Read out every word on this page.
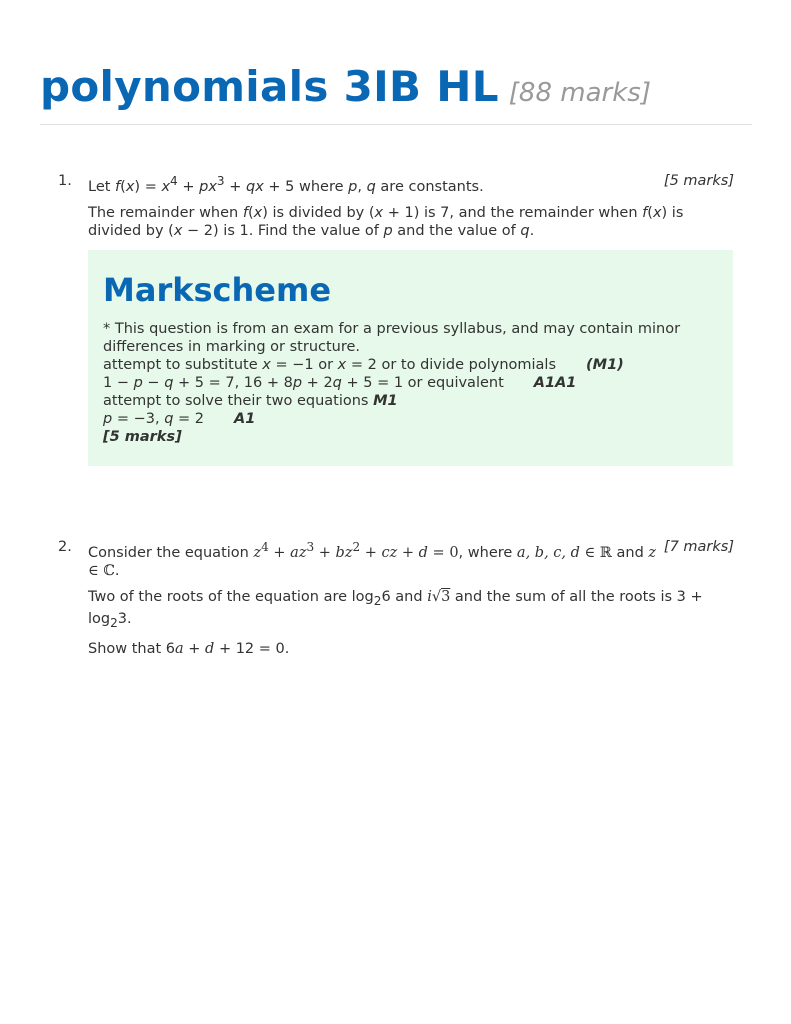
polynomials 3IB HL [88 marks]
1. Let $f(x) = x^4 + px^3$ + qx + 5 where p, q are constants.	[5 marks]

The remainder when f(x) is divided by (x + 1) is 7, and the remainder when f(x) is divided by (x − 2) is 1. Find the value of p and the value of q.

Markscheme

* This question is from an exam for a previous syllabus, and may contain minor differences in marking or structure.

attempt to substitute x = −1 or x = 2 or to divide polynomials (M1)

1 − p − q + 5 = 7, 16 + 8p + 2q + 5 = 1 or equivalent A1A1

attempt to solve their two equations M1

p = −3, q = 2 A1

[5 marks]

2. Consider the equation $z^4 + az^3 + bz^2$ + cz + d = 0, where a, b, c, d ∈ ℝ and z ∈ ℂ.
[7 marks]

Two of the roots of the equation are $\log_26$ and i√3 and the sum of all the roots is $3 + \log_23$.

Show that 6a + d + 12 = 0.
